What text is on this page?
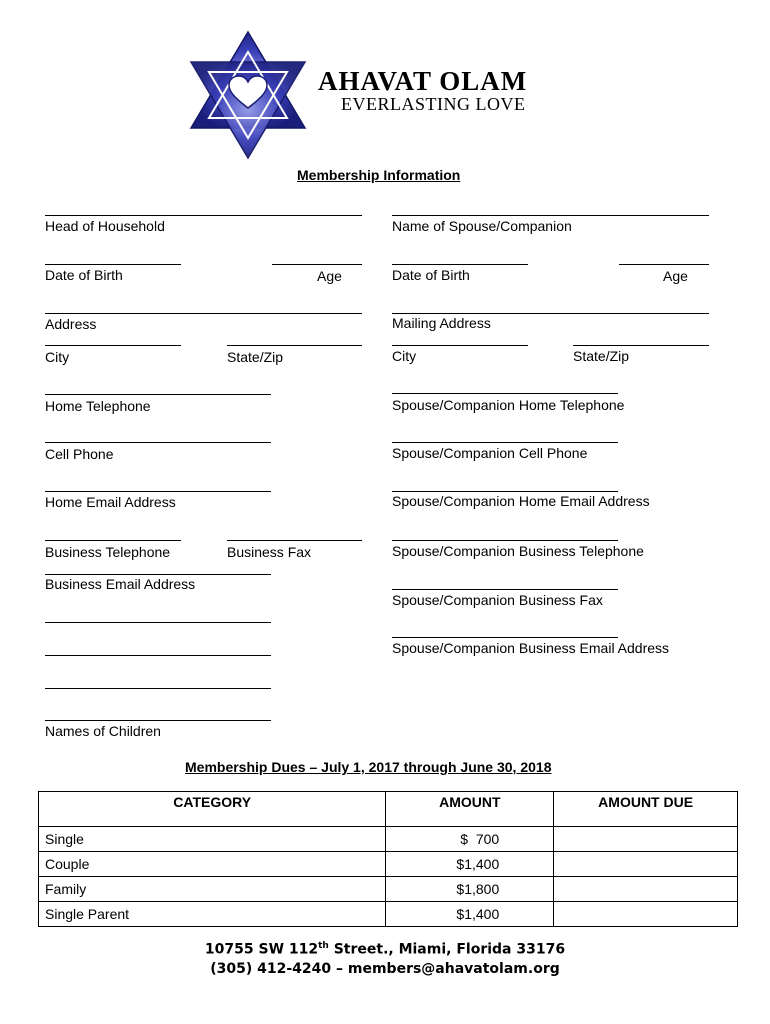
AHAVAT OLAM
EVERLASTING LOVE
Membership Information
Head of Household
Date of Birth	Age
Address
City	State/Zip
Home Telephone
Cell Phone
Home Email Address
Business Telephone	Business Fax
Business Email Address
Names of Children
Name of Spouse/Companion
Date of Birth	Age
Mailing Address
City	State/Zip
Spouse/Companion Home Telephone
Spouse/Companion Cell Phone
Spouse/Companion Home Email Address
Spouse/Companion Business Telephone
Spouse/Companion Business Fax
Spouse/Companion Business Email Address
Membership Dues – July 1, 2017 through June 30, 2018
CATEGORY	AMOUNT	AMOUNT DUE
Single	$  700	
Couple	$1,400	
Family	$1,800	
Single Parent	$1,400	
10755 SW 112th Street., Miami, Florida 33176
(305) 412-4240 – members@ahavatolam.org
